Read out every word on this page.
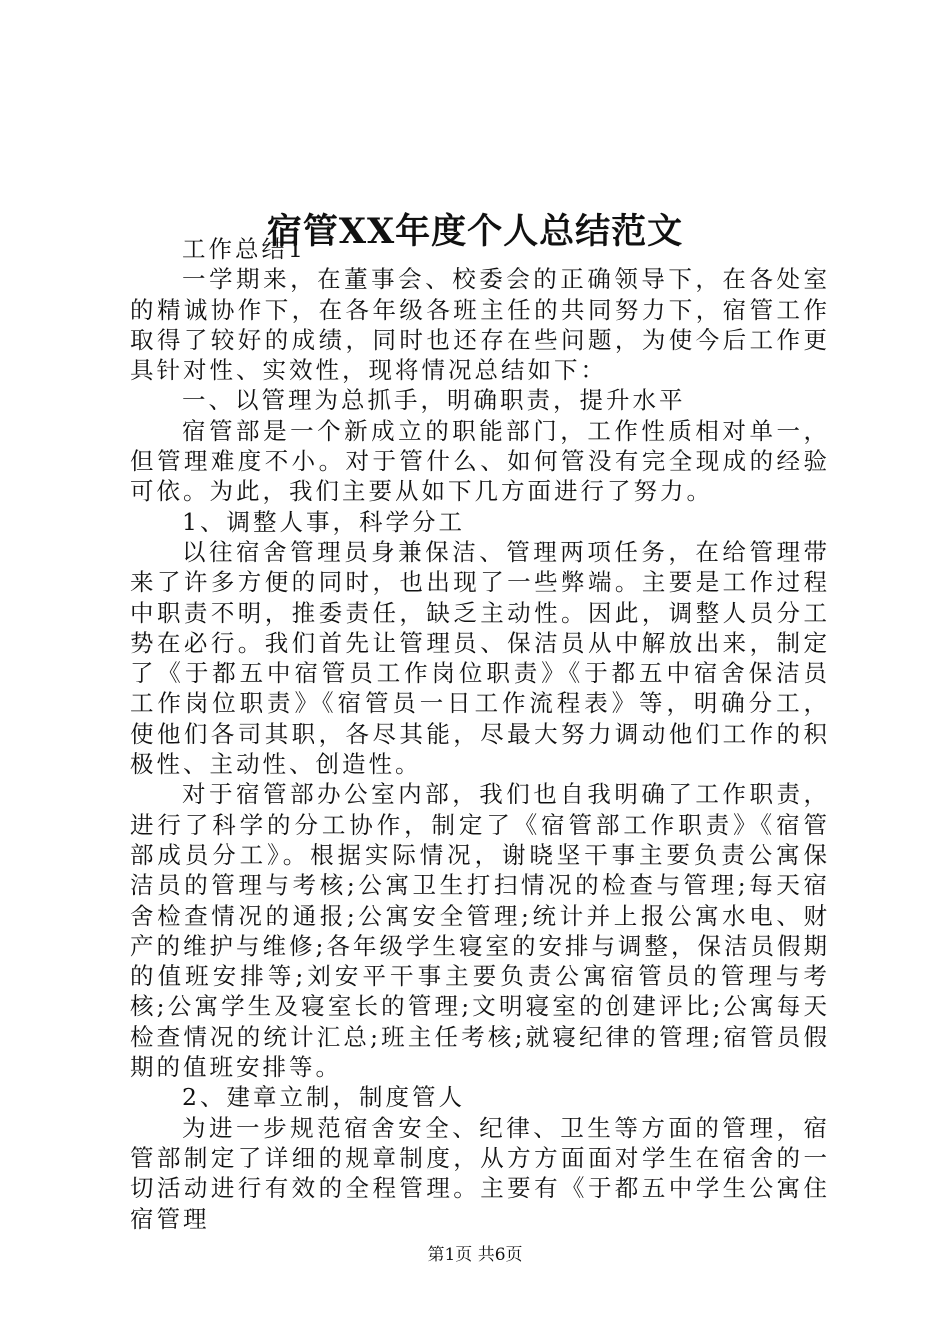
宿管XX年度个人总结范文

工作总结1

一学期来，在董事会、校委会的正确领导下，在各处室的精诚协作下，在各年级各班主任的共同努力下，宿管工作取得了较好的成绩，同时也还存在些问题，为使今后工作更具针对性、实效性，现将情况总结如下：

一、以管理为总抓手，明确职责，提升水平

宿管部是一个新成立的职能部门，工作性质相对单一，但管理难度不小。对于管什么、如何管没有完全现成的经验可依。为此，我们主要从如下几方面进行了努力。

1、调整人事，科学分工

以往宿舍管理员身兼保洁、管理两项任务，在给管理带来了许多方便的同时，也出现了一些弊端。主要是工作过程中职责不明，推委责任，缺乏主动性。因此，调整人员分工势在必行。我们首先让管理员、保洁员从中解放出来，制定了《于都五中宿管员工作岗位职责》《于都五中宿舍保洁员工作岗位职责》《宿管员一日工作流程表》等，明确分工，使他们各司其职，各尽其能，尽最大努力调动他们工作的积极性、主动性、创造性。

对于宿管部办公室内部，我们也自我明确了工作职责，进行了科学的分工协作，制定了《宿管部工作职责》《宿管部成员分工》。根据实际情况，谢晓坚干事主要负责公寓保洁员的管理与考核;公寓卫生打扫情况的检查与管理;每天宿舍检查情况的通报;公寓安全管理;统计并上报公寓水电、财产的维护与维修;各年级学生寝室的安排与调整，保洁员假期的值班安排等;刘安平干事主要负责公寓宿管员的管理与考核;公寓学生及寝室长的管理;文明寝室的创建评比;公寓每天检查情况的统计汇总;班主任考核;就寝纪律的管理;宿管员假期的值班安排等。

2、建章立制，制度管人

为进一步规范宿舍安全、纪律、卫生等方面的管理，宿管部制定了详细的规章制度，从方方面面对学生在宿舍的一切活动进行有效的全程管理。主要有《于都五中学生公寓住宿管理

第1页 共6页
